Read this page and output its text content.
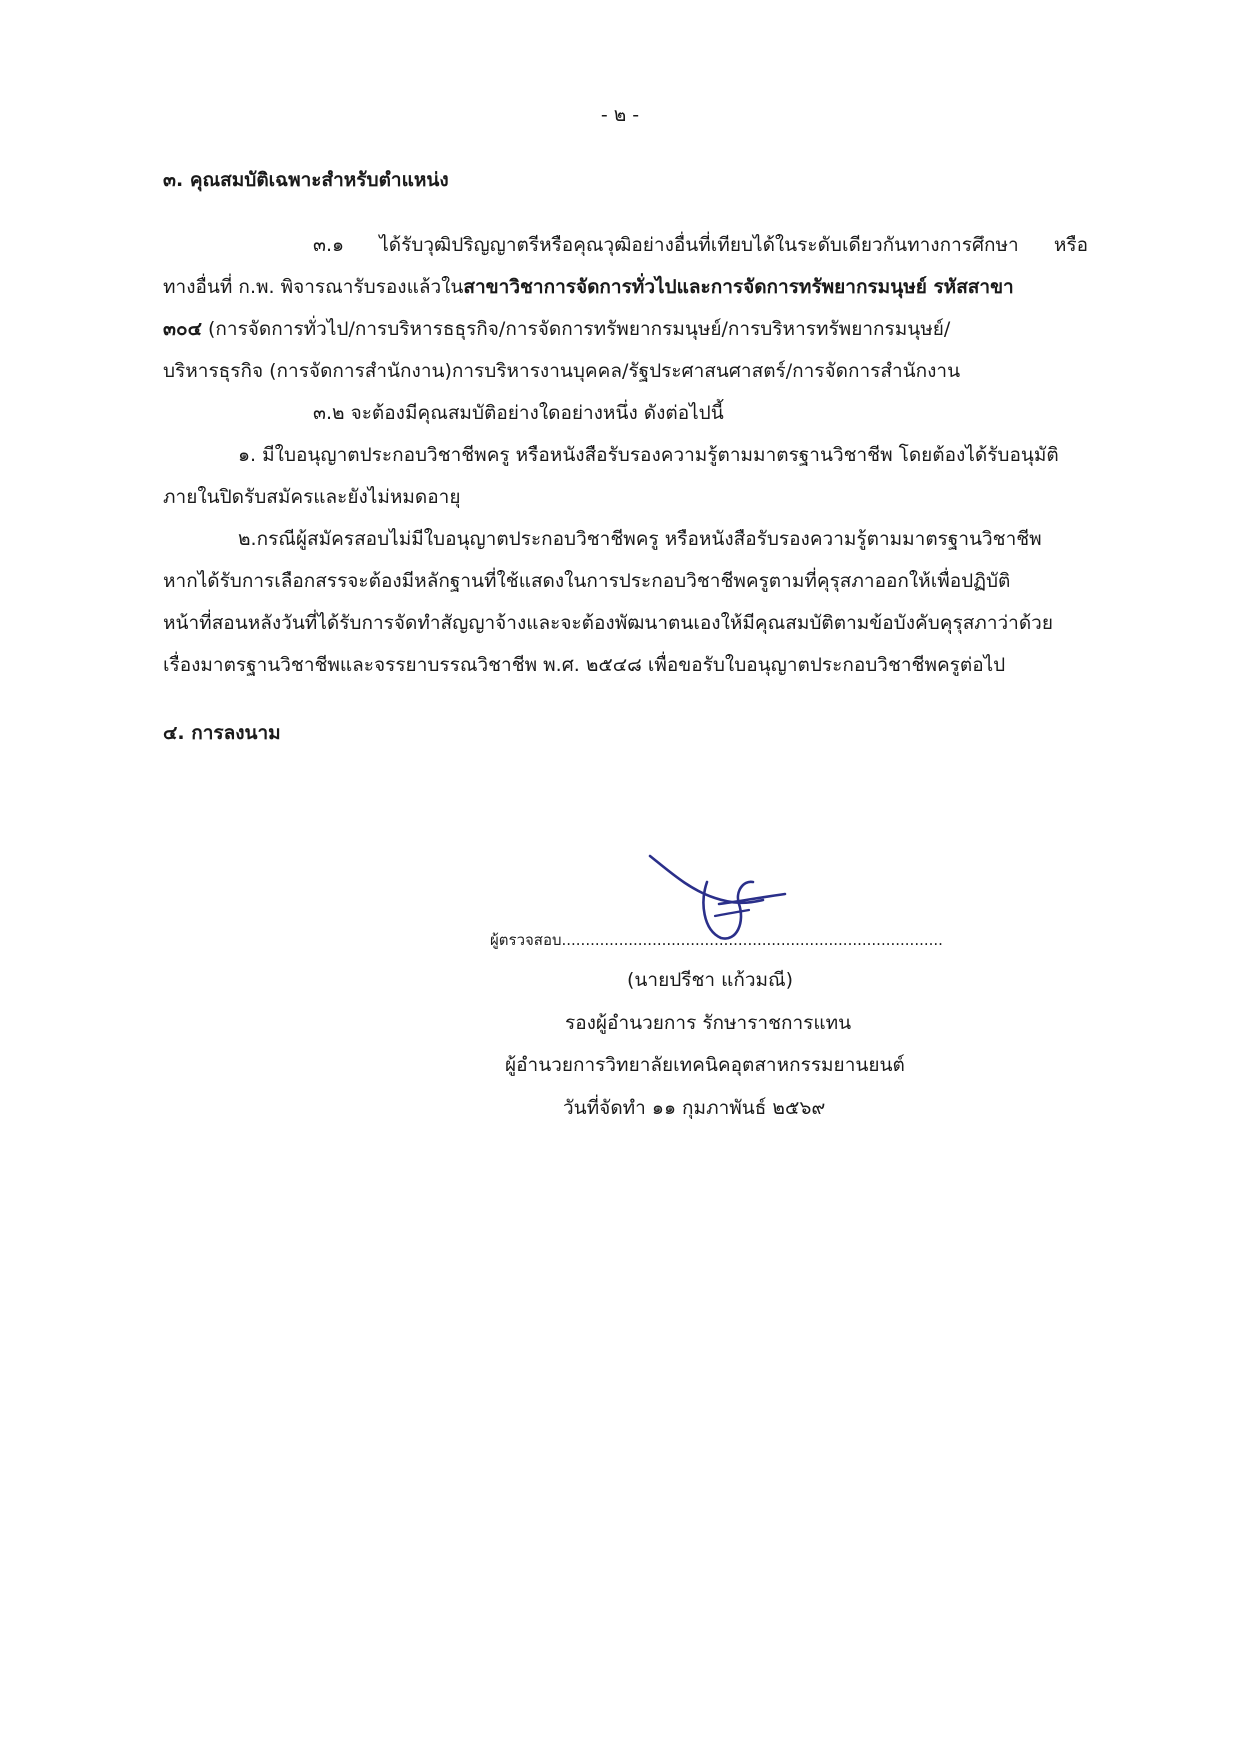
- ๒ -
๓. คุณสมบัติเฉพาะสำหรับตำแหน่ง
๓.๑ ได้รับวุฒิปริญญาตรีหรือคุณวุฒิอย่างอื่นที่เทียบได้ในระดับเดียวกันทางการศึกษา หรือ
ทางอื่นที่ ก.พ. พิจารณารับรองแล้วในสาขาวิชาการจัดการทั่วไปและการจัดการทรัพยากรมนุษย์ รหัสสาขา
๓๐๔ (การจัดการทั่วไป/การบริหารธธุรกิจ/การจัดการทรัพยากรมนุษย์/การบริหารทรัพยากรมนุษย์/
บริหารธุรกิจ (การจัดการสำนักงาน)การบริหารงานบุคคล/รัฐประศาสนศาสตร์/การจัดการสำนักงาน
๓.๒ จะต้องมีคุณสมบัติอย่างใดอย่างหนึ่ง ดังต่อไปนี้
๑. มีใบอนุญาตประกอบวิชาชีพครู หรือหนังสือรับรองความรู้ตามมาตรฐานวิชาชีพ โดยต้องได้รับอนุมัติ
ภายในปิดรับสมัครและยังไม่หมดอายุ
๒.กรณีผู้สมัครสอบไม่มีใบอนุญาตประกอบวิชาชีพครู หรือหนังสือรับรองความรู้ตามมาตรฐานวิชาชีพ
หากได้รับการเลือกสรรจะต้องมีหลักฐานที่ใช้แสดงในการประกอบวิชาชีพครูตามที่คุรุสภาออกให้เพื่อปฏิบัติ
หน้าที่สอนหลังวันที่ได้รับการจัดทำสัญญาจ้างและจะต้องพัฒนาตนเองให้มีคุณสมบัติตามข้อบังคับคุรุสภาว่าด้วย
เรื่องมาตรฐานวิชาชีพและจรรยาบรรณวิชาชีพ พ.ศ. ๒๕๔๘ เพื่อขอรับใบอนุญาตประกอบวิชาชีพครูต่อไป
๔. การลงนาม
ผู้ตรวจสอบ................................................................................
(นายปรีชา แก้วมณี)
รองผู้อำนวยการ รักษาราชการแทน
ผู้อำนวยการวิทยาลัยเทคนิคอุตสาหกรรมยานยนต์
วันที่จัดทำ ๑๑ กุมภาพันธ์ ๒๕๖๙
